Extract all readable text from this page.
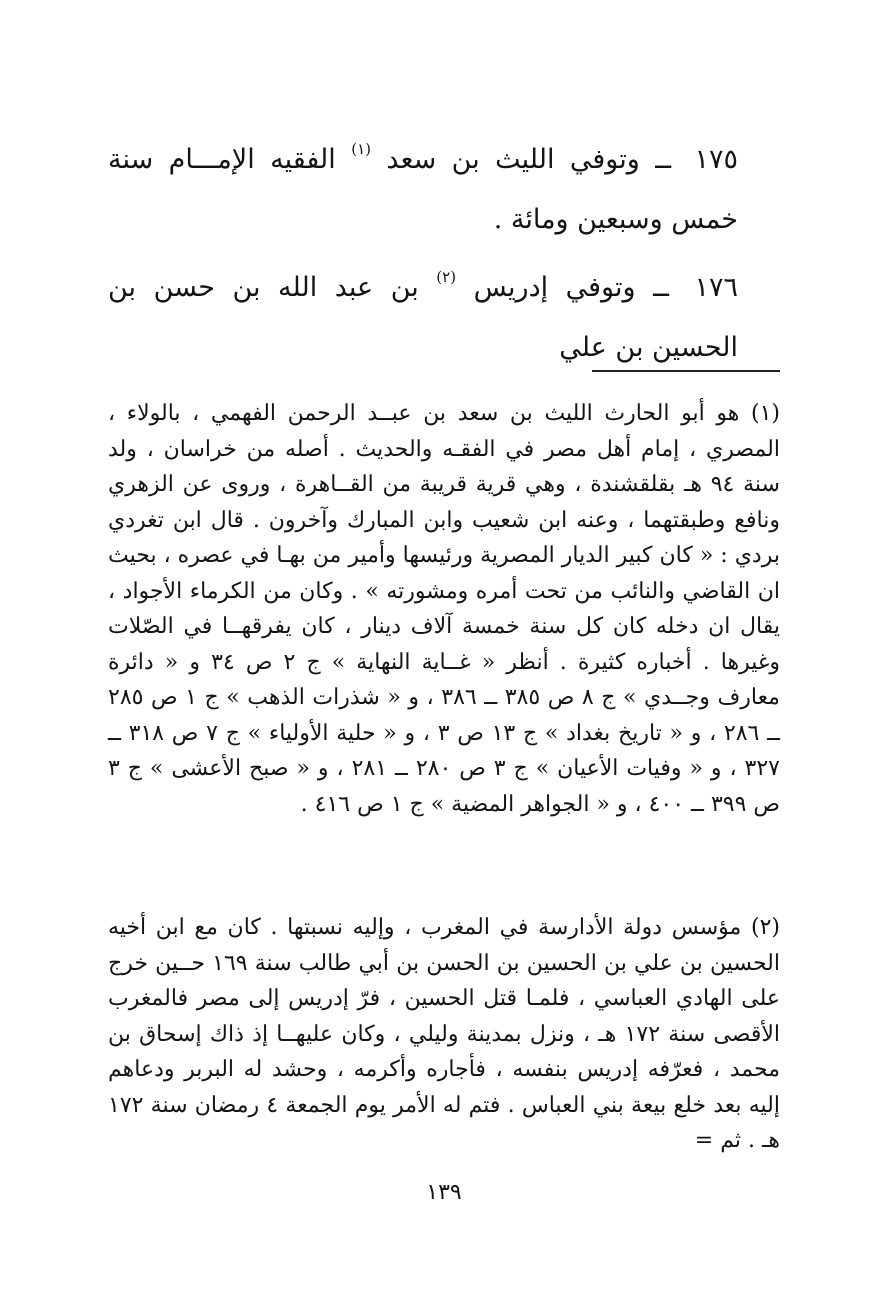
١٧٥ ــ وتوفي الليث بن سعد $^{(١)}$ الفقيه الإمـــام سنة خمس وسبعين ومائة .

١٧٦ ــ وتوفي إدريس $^{(٢)}$ بن عبد الله بن حسن بن الحسين بن علي

(١) هو أبو الحارث الليث بن سعد بن عبــد الرحمن الفهمي ، بالولاء ، المصري ، إمام أهل مصر في الفقـه والحديث . أصله من خراسان ، ولد سنة ٩٤ هـ بقلقشندة ، وهي قرية قريبة من القــاهرة ، وروى عن الزهري ونافع وطبقتهما ، وعنه ابن شعيب وابن المبارك وآخرون . قال ابن تغردي بردي : « كان كبير الديار المصرية ورئيسها وأمير من بهـا في عصره ، بحيث ان القاضي والنائب من تحت أمره ومشورته » . وكان من الكرماء الأجواد ، يقال ان دخله كان كل سنة خمسة آلاف دينار ، كان يفرقهــا في الصّلات وغيرها . أخباره كثيرة . أنظر « غــاية النهاية » ج ٢ ص ٣٤ و « دائرة معارف وجــدي » ج ٨ ص ٣٨٥ ــ ٣٨٦ ، و « شذرات الذهب » ج ١ ص ٢٨٥ ــ ٢٨٦ ، و « تاريخ بغداد » ج ١٣ ص ٣ ، و « حلية الأولياء » ج ٧ ص ٣١٨ ــ ٣٢٧ ، و « وفيات الأعيان » ج ٣ ص ٢٨٠ ــ ٢٨١ ، و « صبح الأعشى » ج ٣ ص ٣٩٩ ــ ٤٠٠ ، و « الجواهر المضية » ج ١ ص ٤١٦ .

(٢) مؤسس دولة الأدارسة في المغرب ، وإليه نسبتها . كان مع ابن أخيه الحسين بن علي بن الحسين بن الحسن بن أبي طالب سنة ١٦٩ حــين خرج على الهادي العباسي ، فلمـا قتل الحسين ، فرّ إدريس إلى مصر فالمغرب الأقصى سنة ١٧٢ هـ ، ونزل بمدينة وليلي ، وكان عليهــا إذ ذاك إسحاق بن محمد ، فعرّفه إدريس بنفسه ، فأجاره وأكرمه ، وحشد له البربر ودعاهم إليه بعد خلع بيعة بني العباس . فتم له الأمر يوم الجمعة ٤ رمضان سنة ١٧٢ هـ . ثم =

١٣٩
